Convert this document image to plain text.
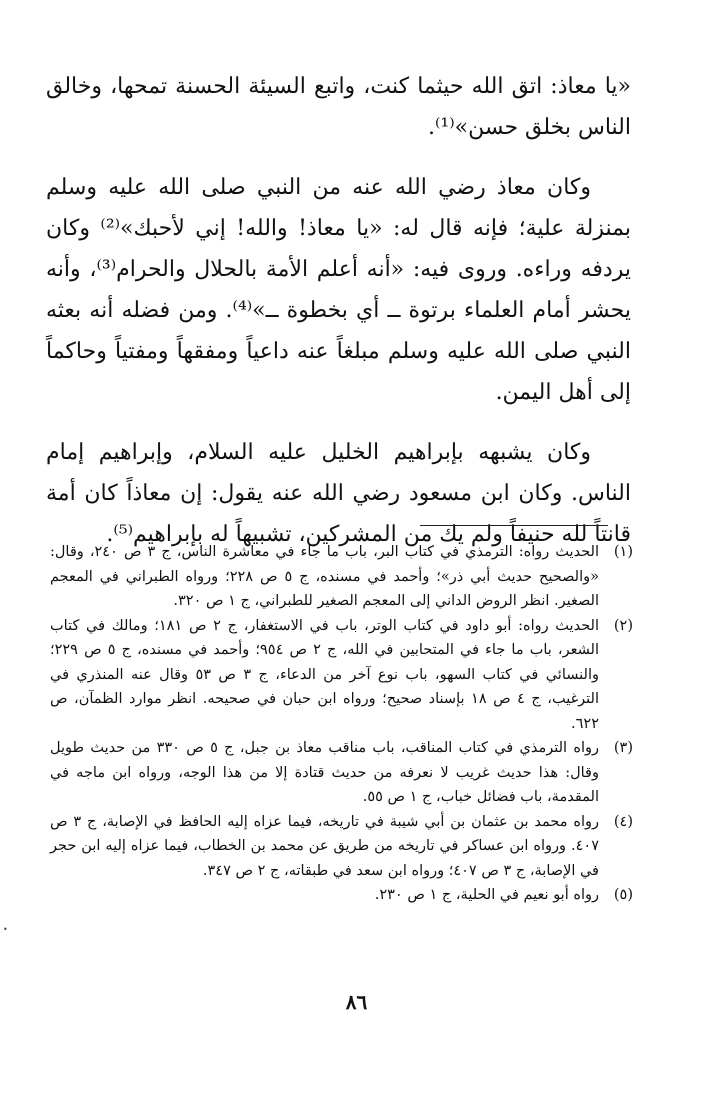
«يا معاذ: اتق الله حيثما كنت، واتبع السيئة الحسنة تمحها، وخالق الناس بخلق حسن»⁽¹⁾.

وكان معاذ رضي الله عنه من النبي صلى الله عليه وسلم بمنزلة علية؛ فإنه قال له: «يا معاذ! والله! إني لأحبك»⁽²⁾ وكان يردفه وراءه. وروى فيه: «أنه أعلم الأمة بالحلال والحرام⁽³⁾، وأنه يحشر أمام العلماء برتوة ــ أي بخطوة ــ»⁽⁴⁾. ومن فضله أنه بعثه النبي صلى الله عليه وسلم مبلغاً عنه داعياً ومفقهاً ومفتياً وحاكماً إلى أهل اليمن.

وكان يشبهه بإبراهيم الخليل عليه السلام، وإبراهيم إمام الناس. وكان ابن مسعود رضي الله عنه يقول: إن معاذاً كان أمة قانتاً لله حنيفاً ولم يك من المشركين، تشبيهاً له بإبراهيم⁽⁵⁾.

(١)
الحديث رواه: الترمذي في كتاب البر، باب ما جاء في معاشرة الناس، ج ٣ ص ٢٤٠، وقال: «والصحيح حديث أبي ذر»؛ وأحمد في مسنده، ج ٥ ص ٢٢٨؛ ورواه الطبراني في المعجم الصغير. انظر الروض الداني إلى المعجم الصغير للطبراني، ج ١ ص ٣٢٠.
(٢)
الحديث رواه: أبو داود في كتاب الوتر، باب في الاستغفار، ج ٢ ص ١٨١؛ ومالك في كتاب الشعر، باب ما جاء في المتحابين في الله، ج ٢ ص ٩٥٤؛ وأحمد في مسنده، ج ٥ ص ٢٢٩؛ والنسائي في كتاب السهو، باب نوع آخر من الدعاء، ج ٣ ص ٥٣ وقال عنه المنذري في الترغيب، ج ٤ ص ١٨ بإسناد صحيح؛ ورواه ابن حبان في صحيحه. انظر موارد الظمآن، ص ٦٢٢.
(٣)
رواه الترمذي في كتاب المناقب، باب مناقب معاذ بن جبل، ج ٥ ص ٣٣٠ من حديث طويل وقال: هذا حديث غريب لا نعرفه من حديث قتادة إلا من هذا الوجه، ورواه ابن ماجه في المقدمة، باب فضائل خباب، ج ١ ص ٥٥.
(٤)
رواه محمد بن عثمان بن أبي شيبة في تاريخه، فيما عزاه إليه الحافظ في الإصابة، ج ٣ ص ٤٠٧. ورواه ابن عساكر في تاريخه من طريق عن محمد بن الخطاب، فيما عزاه إليه ابن حجر في الإصابة، ج ٣ ص ٤٠٧؛ ورواه ابن سعد في طبقاته، ج ٢ ص ٣٤٧.
(٥)
رواه أبو نعيم في الحلية، ج ١ ص ٢٣٠.
٨٦
•
